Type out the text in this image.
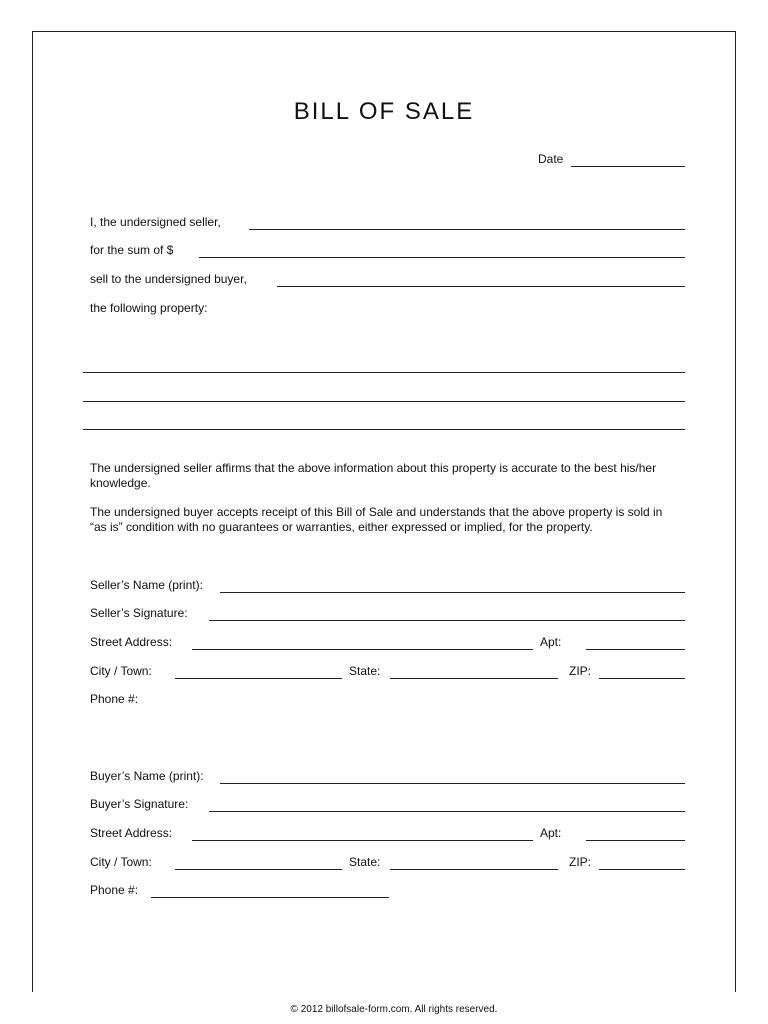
BILL OF SALE
Date
I, the undersigned seller,
for the sum of $
sell to the undersigned buyer,
the following property:
The undersigned seller affirms that the above information about this property is accurate to the best his/her knowledge.
The undersigned buyer accepts receipt of this Bill of Sale and understands that the above property is sold in “as is” condition with no guarantees or warranties, either expressed or implied, for the property.
Seller’s Name (print):
Seller’s Signature:
Street Address:	Apt:
City / Town:	State:	ZIP:
Phone #:
Buyer’s Name (print):
Buyer’s Signature:
Street Address:	Apt:
City / Town:	State:	ZIP:
Phone #:
© 2012 billofsale-form.com. All rights reserved.
